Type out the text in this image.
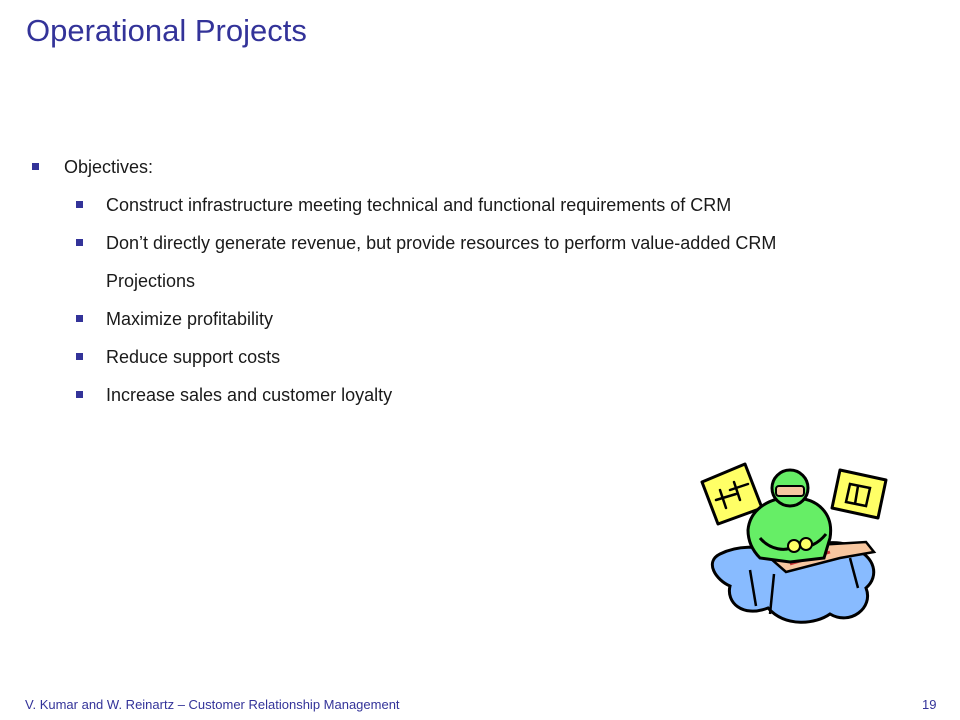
Operational Projects
Objectives:
Construct infrastructure meeting technical and functional requirements of CRM
Don’t directly generate revenue, but provide resources to perform value-added CRM
Projections
Maximize profitability
Reduce support costs
Increase sales and customer loyalty
V. Kumar and W. Reinartz – Customer Relationship Management	19
